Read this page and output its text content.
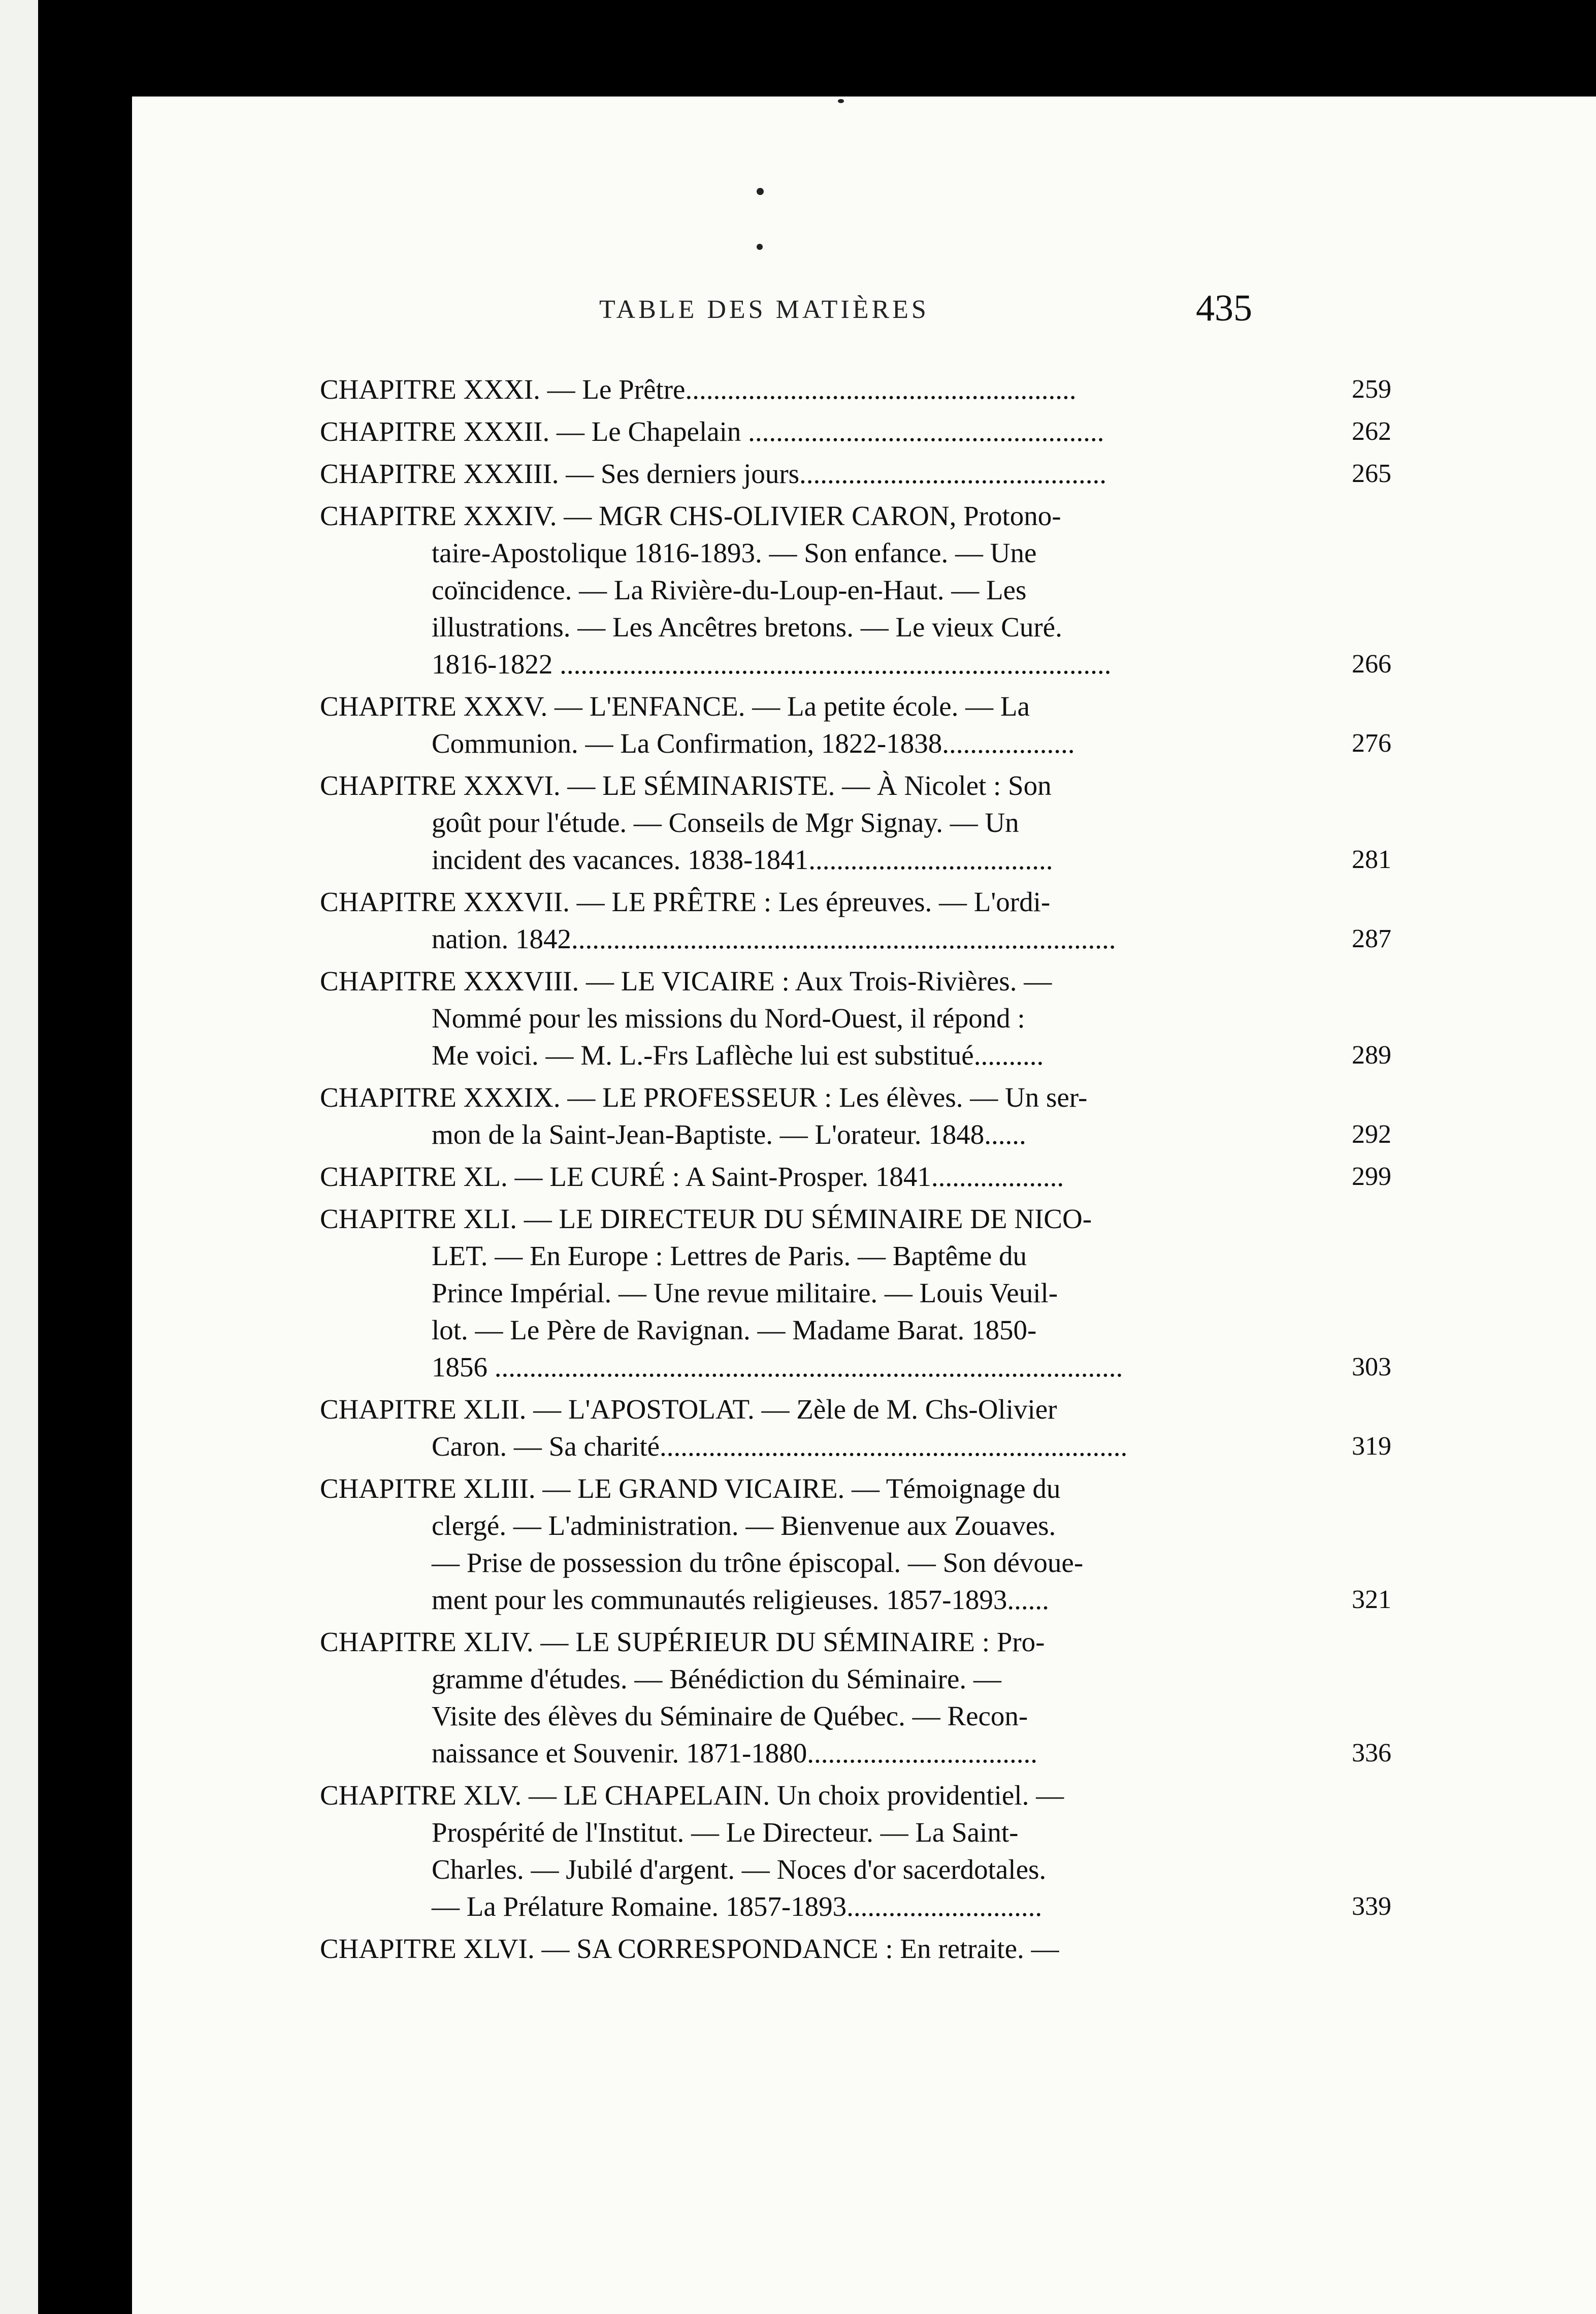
TABLE DES MATIÈRES	435
CHAPITRE XXXI. — Le Prêtre........................................................	259
CHAPITRE XXXII. — Le Chapelain ...................................................	262
CHAPITRE XXXIII. — Ses derniers jours............................................	265
CHAPITRE XXXIV. — MGR CHS-OLIVIER CARON, Protono-
taire-Apostolique 1816-1893. — Son enfance. — Une
coïncidence. — La Rivière-du-Loup-en-Haut. — Les
illustrations. — Les Ancêtres bretons. — Le vieux Curé.
1816-1822 ...............................................................................	266
CHAPITRE XXXV. — L'ENFANCE. — La petite école. — La
Communion. — La Confirmation, 1822-1838...................	276
CHAPITRE XXXVI. — LE SÉMINARISTE. — À Nicolet : Son
goût pour l'étude. — Conseils de Mgr Signay. — Un
incident des vacances. 1838-1841...................................	281
CHAPITRE XXXVII. — LE PRÊTRE : Les épreuves. — L'ordi-
nation. 1842..............................................................................	287
CHAPITRE XXXVIII. — LE VICAIRE : Aux Trois-Rivières. —
Nommé pour les missions du Nord-Ouest, il répond :
Me voici. — M. L.-Frs Laflèche lui est substitué..........	289
CHAPITRE XXXIX. — LE PROFESSEUR : Les élèves. — Un ser-
mon de la Saint-Jean-Baptiste. — L'orateur. 1848......	292
CHAPITRE XL. — LE CURÉ : A Saint-Prosper. 1841...................	299
CHAPITRE XLI. — LE DIRECTEUR DU SÉMINAIRE DE NICO-
LET. — En Europe : Lettres de Paris. — Baptême du
Prince Impérial. — Une revue militaire. — Louis Veuil-
lot. — Le Père de Ravignan. — Madame Barat. 1850-
1856 ..........................................................................................	303
CHAPITRE XLII. — L'APOSTOLAT. — Zèle de M. Chs-Olivier
Caron. — Sa charité...................................................................	319
CHAPITRE XLIII. — LE GRAND VICAIRE. — Témoignage du
clergé. — L'administration. — Bienvenue aux Zouaves.
— Prise de possession du trône épiscopal. — Son dévoue-
ment pour les communautés religieuses. 1857-1893......	321
CHAPITRE XLIV. — LE SUPÉRIEUR DU SÉMINAIRE : Pro-
gramme d'études. — Bénédiction du Séminaire. —
Visite des élèves du Séminaire de Québec. — Recon-
naissance et Souvenir. 1871-1880.................................	336
CHAPITRE XLV. — LE CHAPELAIN. Un choix providentiel. —
Prospérité de l'Institut. — Le Directeur. — La Saint-
Charles. — Jubilé d'argent. — Noces d'or sacerdotales.
— La Prélature Romaine. 1857-1893............................	339
CHAPITRE XLVI. — SA CORRESPONDANCE : En retraite. —
